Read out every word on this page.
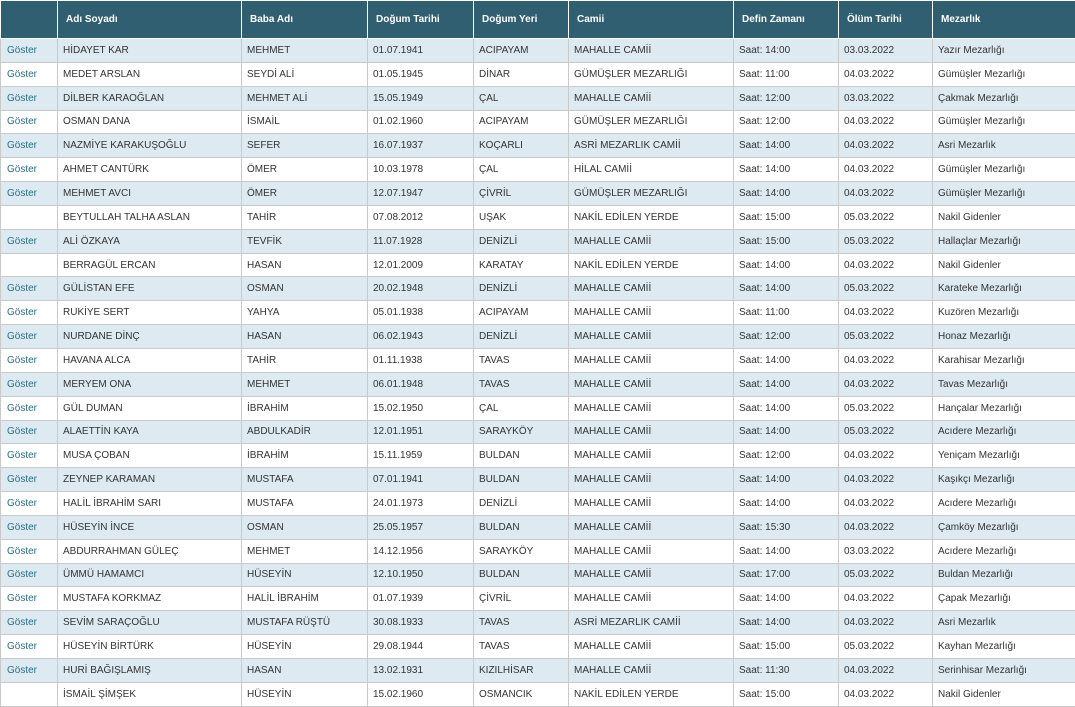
	Adı Soyadı	Baba Adı	Doğum Tarihi	Doğum Yeri	Camii	Defin Zamanı	Ölüm Tarihi	Mezarlık
Göster	HİDAYET KAR	MEHMET	01.07.1941	ACIPAYAM	MAHALLE CAMİİ	Saat: 14:00	03.03.2022	Yazır Mezarlığı
Göster	MEDET ARSLAN	SEYDİ ALİ	01.05.1945	DİNAR	GÜMÜŞLER MEZARLIĞI	Saat: 11:00	04.03.2022	Gümüşler Mezarlığı
Göster	DİLBER KARAOĞLAN	MEHMET ALİ	15.05.1949	ÇAL	MAHALLE CAMİİ	Saat: 12:00	03.03.2022	Çakmak Mezarlığı
Göster	OSMAN DANA	İSMAİL	01.02.1960	ACIPAYAM	GÜMÜŞLER MEZARLIĞI	Saat: 12:00	04.03.2022	Gümüşler Mezarlığı
Göster	NAZMİYE KARAKUŞOĞLU	SEFER	16.07.1937	KOÇARLI	ASRİ MEZARLIK CAMİİ	Saat: 14:00	04.03.2022	Asri Mezarlık
Göster	AHMET CANTÜRK	ÖMER	10.03.1978	ÇAL	HİLAL CAMİİ	Saat: 14:00	04.03.2022	Gümüşler Mezarlığı
Göster	MEHMET AVCI	ÖMER	12.07.1947	ÇİVRİL	GÜMÜŞLER MEZARLIĞI	Saat: 14:00	04.03.2022	Gümüşler Mezarlığı
	BEYTULLAH TALHA ASLAN	TAHİR	07.08.2012	UŞAK	NAKİL EDİLEN YERDE	Saat: 15:00	05.03.2022	Nakil Gidenler
Göster	ALİ ÖZKAYA	TEVFİK	11.07.1928	DENİZLİ	MAHALLE CAMİİ	Saat: 15:00	05.03.2022	Hallaçlar Mezarlığı
	BERRAGÜL ERCAN	HASAN	12.01.2009	KARATAY	NAKİL EDİLEN YERDE	Saat: 14:00	04.03.2022	Nakil Gidenler
Göster	GÜLİSTAN EFE	OSMAN	20.02.1948	DENİZLİ	MAHALLE CAMİİ	Saat: 14:00	05.03.2022	Karateke Mezarlığı
Göster	RUKİYE SERT	YAHYA	05.01.1938	ACIPAYAM	MAHALLE CAMİİ	Saat: 11:00	04.03.2022	Kuzören Mezarlığı
Göster	NURDANE DİNÇ	HASAN	06.02.1943	DENİZLİ	MAHALLE CAMİİ	Saat: 12:00	05.03.2022	Honaz Mezarlığı
Göster	HAVANA ALCA	TAHİR	01.11.1938	TAVAS	MAHALLE CAMİİ	Saat: 14:00	04.03.2022	Karahisar Mezarlığı
Göster	MERYEM ONA	MEHMET	06.01.1948	TAVAS	MAHALLE CAMİİ	Saat: 14:00	04.03.2022	Tavas Mezarlığı
Göster	GÜL DUMAN	İBRAHİM	15.02.1950	ÇAL	MAHALLE CAMİİ	Saat: 14:00	05.03.2022	Hançalar Mezarlığı
Göster	ALAETTİN KAYA	ABDULKADİR	12.01.1951	SARAYKÖY	MAHALLE CAMİİ	Saat: 14:00	05.03.2022	Acıdere Mezarlığı
Göster	MUSA ÇOBAN	İBRAHİM	15.11.1959	BULDAN	MAHALLE CAMİİ	Saat: 12:00	04.03.2022	Yeniçam Mezarlığı
Göster	ZEYNEP KARAMAN	MUSTAFA	07.01.1941	BULDAN	MAHALLE CAMİİ	Saat: 14:00	04.03.2022	Kaşıkçı Mezarlığı
Göster	HALİL İBRAHİM SARI	MUSTAFA	24.01.1973	DENİZLİ	MAHALLE CAMİİ	Saat: 14:00	04.03.2022	Acıdere Mezarlığı
Göster	HÜSEYİN İNCE	OSMAN	25.05.1957	BULDAN	MAHALLE CAMİİ	Saat: 15:30	04.03.2022	Çamköy Mezarlığı
Göster	ABDURRAHMAN GÜLEÇ	MEHMET	14.12.1956	SARAYKÖY	MAHALLE CAMİİ	Saat: 14:00	03.03.2022	Acıdere Mezarlığı
Göster	ÜMMÜ HAMAMCI	HÜSEYİN	12.10.1950	BULDAN	MAHALLE CAMİİ	Saat: 17:00	05.03.2022	Buldan Mezarlığı
Göster	MUSTAFA KORKMAZ	HALİL İBRAHİM	01.07.1939	ÇİVRİL	MAHALLE CAMİİ	Saat: 14:00	04.03.2022	Çapak Mezarlığı
Göster	SEVİM SARAÇOĞLU	MUSTAFA RÜŞTÜ	30.08.1933	TAVAS	ASRİ MEZARLIK CAMİİ	Saat: 14:00	04.03.2022	Asri Mezarlık
Göster	HÜSEYİN BİRTÜRK	HÜSEYİN	29.08.1944	TAVAS	MAHALLE CAMİİ	Saat: 15:00	05.03.2022	Kayhan Mezarlığı
Göster	HURİ BAĞIŞLAMIŞ	HASAN	13.02.1931	KIZILHİSAR	MAHALLE CAMİİ	Saat: 11:30	04.03.2022	Serinhisar Mezarlığı
	İSMAİL ŞİMŞEK	HÜSEYİN	15.02.1960	OSMANCIK	NAKİL EDİLEN YERDE	Saat: 15:00	04.03.2022	Nakil Gidenler
